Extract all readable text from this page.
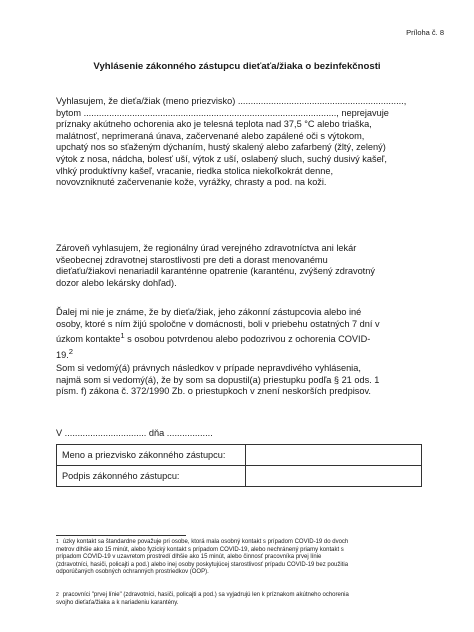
Príloha č. 8
Vyhlásenie zákonného zástupcu dieťaťa/žiaka o bezinfekčnosti
Vyhlasujem, že dieťa/žiak (meno priezvisko) .................................................................,
bytom ..................................................................................................., neprejavuje
príznaky akútneho ochorenia ako je telesná teplota nad 37,5 °C alebo triaška,
malátnosť, neprimeraná únava, začervenané alebo zapálené oči s výtokom,
upchatý nos so sťaženým dýchaním, hustý skalený alebo zafarbený (žltý, zelený)
výtok z nosa, nádcha, bolesť uší, výtok z uší, oslabený sluch, suchý dusivý kašeľ,
vlhký produktívny kašeľ, vracanie, riedka stolica niekoľkokrát denne,
novovzniknuté začervenanie kože, vyrážky, chrasty a pod. na koži.
Zároveň vyhlasujem, že regionálny úrad verejného zdravotníctva ani lekár
všeobecnej zdravotnej starostlivosti pre deti a dorast menovanému
dieťaťu/žiakovi nenariadil karanténne opatrenie (karanténu, zvýšený zdravotný
dozor alebo lekársky dohľad).
Ďalej mi nie je známe, že by dieťa/žiak, jeho zákonní zástupcovia alebo iné
osoby, ktoré s ním žijú spoločne v domácnosti, boli v priebehu ostatných 7 dní v
úzkom kontakte$^1$ s osobou potvrdenou alebo podozrivou z ochorenia COVID-
19.$^2$
Som si vedomý(á) právnych následkov v prípade nepravdivého vyhlásenia,
najmä som si vedomý(á), že by som sa dopustil(a) priestupku podľa § 21 ods. 1
písm. f) zákona č. 372/1990 Zb. o priestupkoch v znení neskorších predpisov.
V ................................ dňa ..................
Meno a priezvisko zákonného zástupcu:	
Podpis zákonného zástupcu:	
$^1$ úzky kontakt sa štandardne považuje pri osobe, ktorá mala osobný kontakt s prípadom COVID-19 do dvoch
metrov dlhšie ako 15 minút, alebo fyzický kontakt s prípadom COVID-19, alebo nechránený priamy kontakt s
prípadom COVID-19 v uzavretom prostredí dlhšie ako 15 minút, alebo činnosť pracovníka prvej línie
(zdravotníci, hasiči, policajti a pod.) alebo inej osoby poskytujúcej starostlivosť prípadu COVID-19 bez použitia
odporúčaných osobných ochranných prostriedkov (OOP).
$^2$ pracovníci "prvej línie" (zdravotníci, hasiči, policajti a pod.) sa vyjadrujú len k príznakom akútneho ochorenia
svojho dieťaťa/žiaka a k nariadeniu karantény.
